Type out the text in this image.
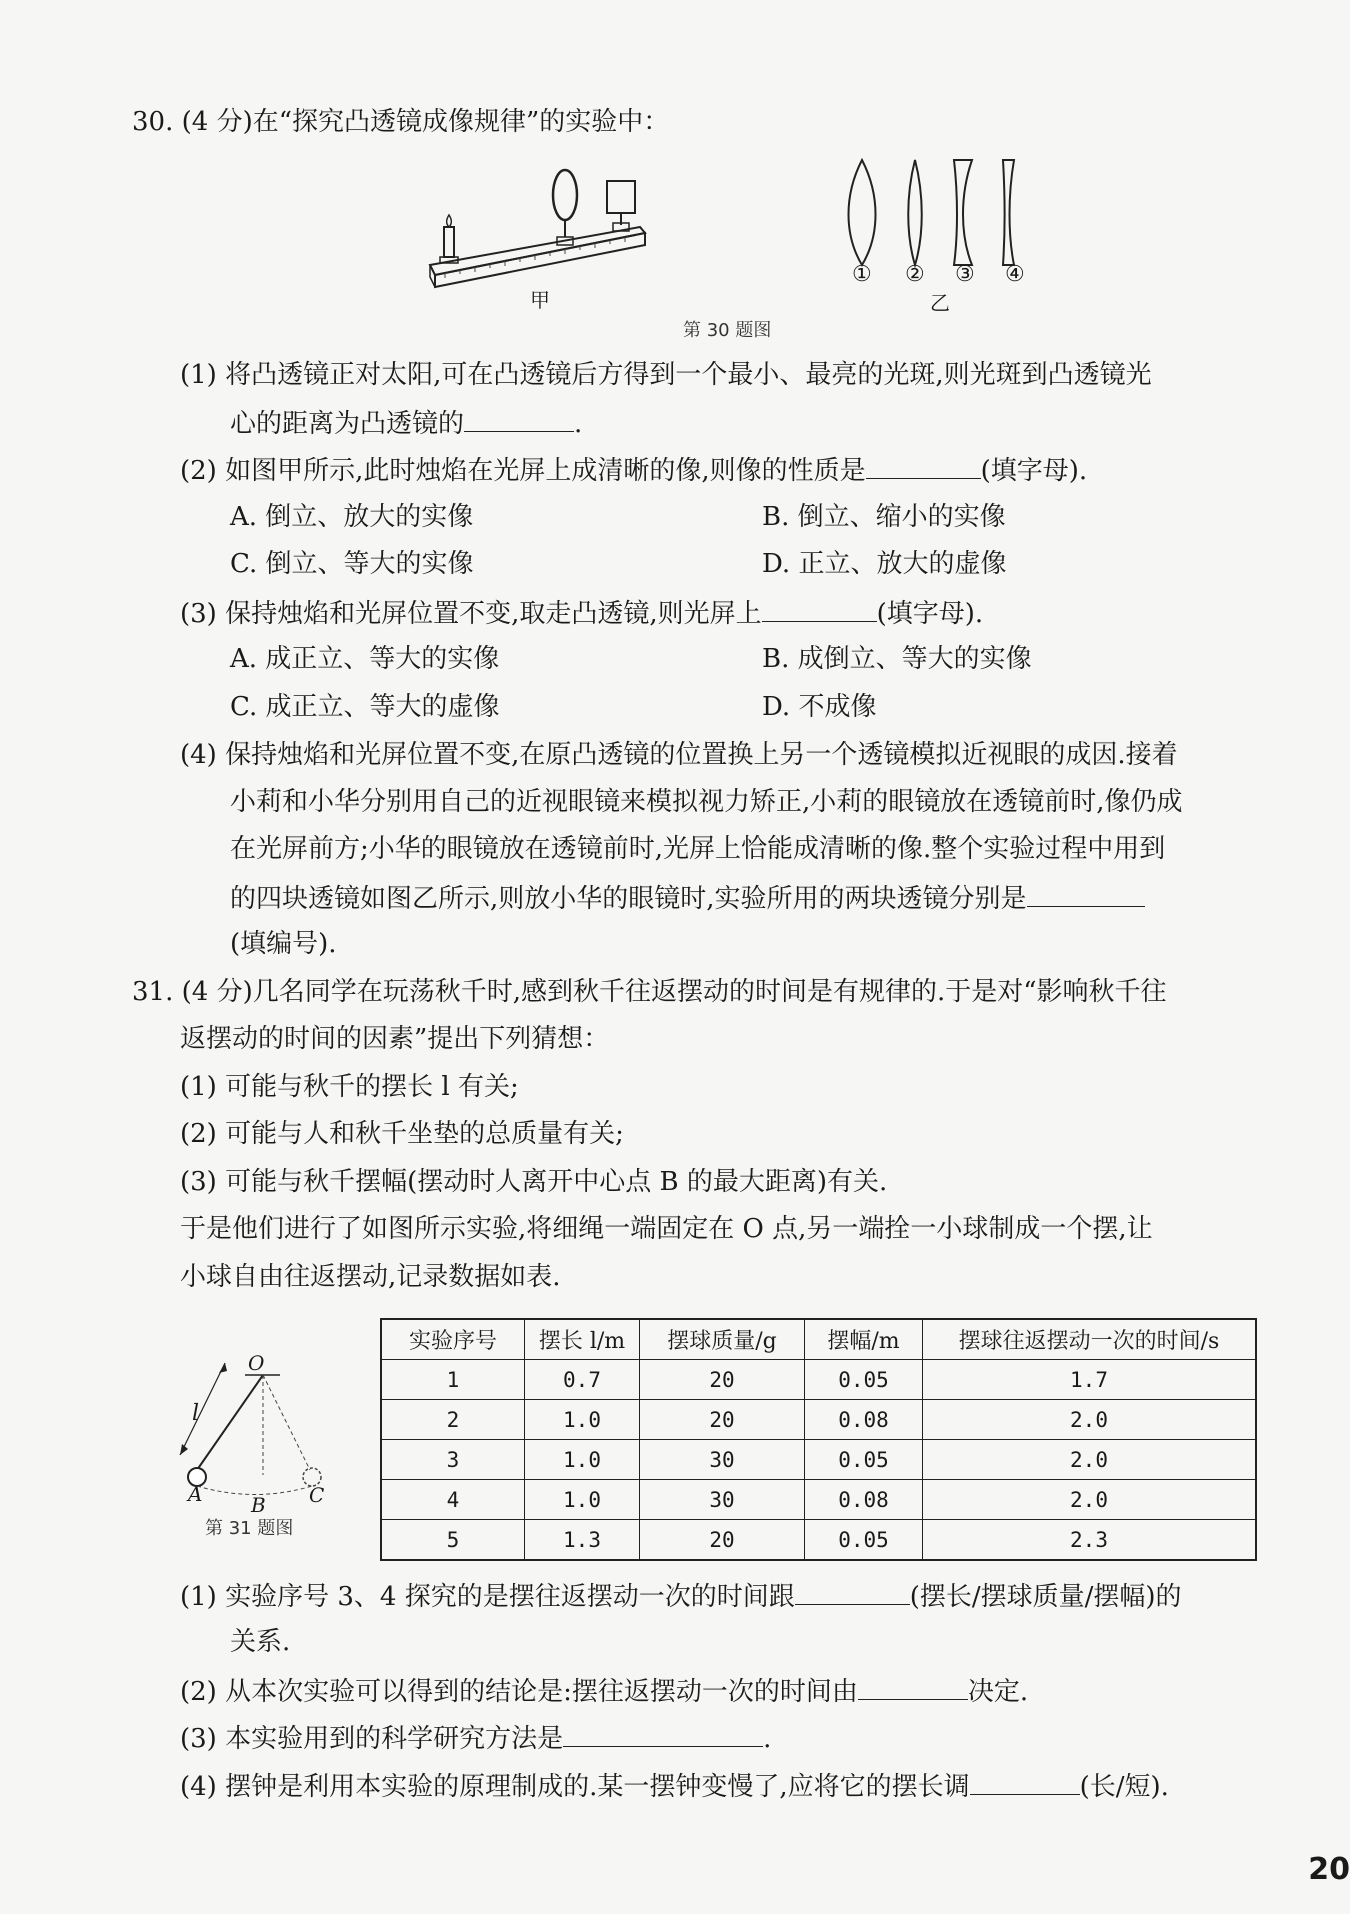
30. (4 分)在“探究凸透镜成像规律”的实验中：
甲
① ② ③ ④
乙
第 30 题图
(1) 将凸透镜正对太阳,可在凸透镜后方得到一个最小、最亮的光斑,则光斑到凸透镜光
心的距离为凸透镜的	.
(2) 如图甲所示,此时烛焰在光屏上成清晰的像,则像的性质是	(填字母).
A. 倒立、放大的实像	B. 倒立、缩小的实像
C. 倒立、等大的实像	D. 正立、放大的虚像
(3) 保持烛焰和光屏位置不变,取走凸透镜,则光屏上	(填字母).
A. 成正立、等大的实像	B. 成倒立、等大的实像
C. 成正立、等大的虚像	D. 不成像
(4) 保持烛焰和光屏位置不变,在原凸透镜的位置换上另一个透镜模拟近视眼的成因.接着
小莉和小华分别用自己的近视眼镜来模拟视力矫正,小莉的眼镜放在透镜前时,像仍成
在光屏前方;小华的眼镜放在透镜前时,光屏上恰能成清晰的像.整个实验过程中用到
的四块透镜如图乙所示,则放小华的眼镜时,实验所用的两块透镜分别是
(填编号).
31. (4 分)几名同学在玩荡秋千时,感到秋千往返摆动的时间是有规律的.于是对“影响秋千往
返摆动的时间的因素”提出下列猜想：
(1) 可能与秋千的摆长 l 有关;
(2) 可能与人和秋千坐垫的总质量有关;
(3) 可能与秋千摆幅(摆动时人离开中心点 B 的最大距离)有关.
于是他们进行了如图所示实验,将细绳一端固定在 O 点,另一端拴一小球制成一个摆,让
小球自由往返摆动,记录数据如表.
O
l
A B C
第 31 题图
实验序号	摆长 l/m	摆球质量/g	摆幅/m	摆球往返摆动一次的时间/s
1	0.7	20	0.05	1.7
2	1.0	20	0.08	2.0
3	1.0	30	0.05	2.0
4	1.0	30	0.08	2.0
5	1.3	20	0.05	2.3
(1) 实验序号 3、4 探究的是摆往返摆动一次的时间跟	(摆长/摆球质量/摆幅)的
关系.
(2) 从本次实验可以得到的结论是:摆往返摆动一次的时间由	决定.
(3) 本实验用到的科学研究方法是	.
(4) 摆钟是利用本实验的原理制成的.某一摆钟变慢了,应将它的摆长调	(长/短).
20
